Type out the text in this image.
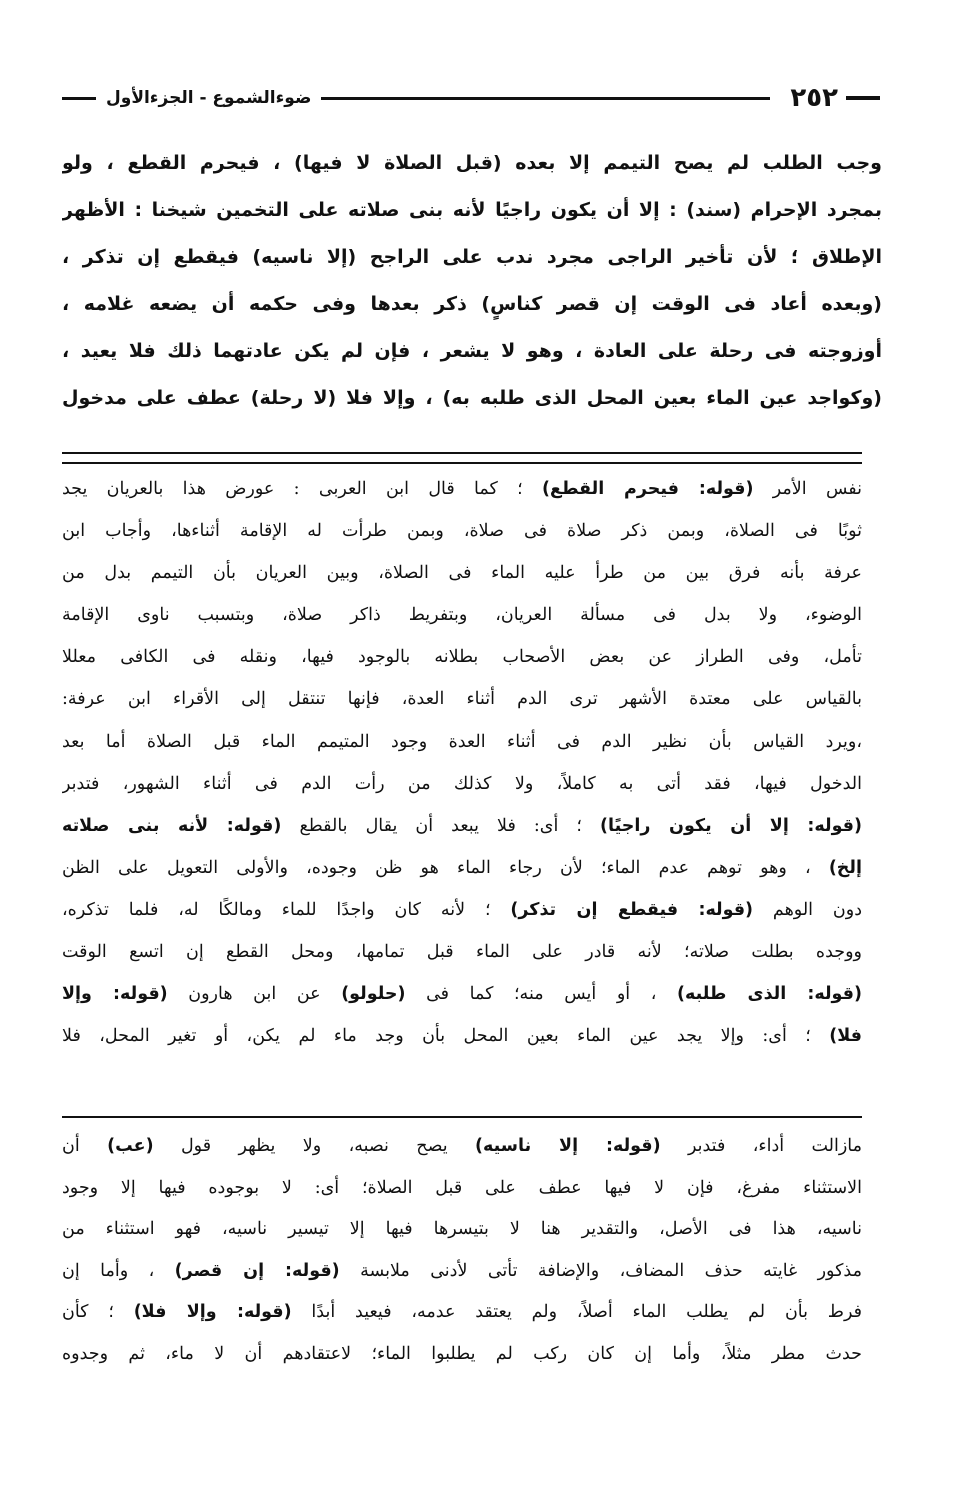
٢٥٢
ضوءالشموع - الجزءالأول
وجب الطلب لم يصح التيمم إلا بعده (قبل الصلاة لا فيها) ، فيحرم القطع ، ولو
بمجرد الإحرام (سند) : إلا أن يكون راجيًا لأنه بنى صلاته على التخمين شيخنا : الأظهر
الإطلاق ؛ لأن تأخير الراجى مجرد ندب على الراجح (إلا ناسيه) فيقطع إن تذكر ،
(وبعده أعاد فى الوقت إن قصر كناسٍ) ذكر بعدها وفى حكمه أن يضعه غلامه ،
أوزوجته فى رحلة على العادة ، وهو لا يشعر ، فإن لم يكن عادتهما ذلك فلا يعيد ،
(وكواجد عين الماء بعين المحل الذى طلبه به) ، وإلا فلا (لا رحلة) عطف على مدخول
نفس الأمر (قوله: فيحرم القطع) ؛ كما قال ابن العربى : عورض هذا بالعريان يجد
ثوبًا فى الصلاة، وبمن ذكر صلاة فى صلاة، وبمن طرأت له الإقامة أثناءها، وأجاب ابن
عرفة بأنه فرق بين من طرأ عليه الماء فى الصلاة، وبين العريان بأن التيمم بدل من
الوضوء، ولا بدل فى مسألة العريان، وبتفريط ذاكر صلاة، وبتسبب ناوى الإقامة
تأمل، وفى الطراز عن بعض الأصحاب بطلانه بالوجود فيها، ونقله فى الكافى معللا
بالقياس على معتدة الأشهر ترى الدم أثناء العدة، فإنها تنتقل إلى الأقراء ابن عرفة:
،ويرد القياس بأن نظير الدم فى أثناء العدة وجود المتيمم الماء قبل الصلاة أما بعد
الدخول فيها، فقد أتى به كاملاً، ولا كذلك من رأت الدم فى أثناء الشهور، فتدبر
(قوله: إلا أن يكون راجيًا) ؛ أى: فلا يبعد أن يقال بالقطع (قوله: لأنه بنى صلاته
إلخ) ، وهو توهم عدم الماء؛ لأن رجاء الماء هو ظن وجوده، والأولى التعويل على الظن
دون الوهم (قوله: فيقطع إن تذكر) ؛ لأنه كان واجدًا للماء ومالكًا له، فلما تذكره،
ووجده بطلت صلاته؛ لأنه قادر على الماء قبل تمامها، ومحل القطع إن اتسع الوقت
(قوله: الذى طلبه) ، أو أيس منه؛ كما فى (حلولو) عن ابن هارون (قوله: وإلا
فلا) ؛ أى: وإلا يجد عين الماء بعين المحل بأن وجد ماء لم يكن، أو تغير المحل، فلا
مازالت أداء، فتدبر (قوله: إلا ناسيه) يصح نصبه، ولا يظهر قول (عب) أن
الاستثناء مفرغ، فإن لا فيها عطف على قبل الصلاة؛ أى: لا بوجوده فيها إلا وجود
ناسيه، هذا فى الأصل، والتقدير هنا لا بتيسرها فيها إلا تيسير ناسيه، فهو استثناء من
مذكور غايته حذف المضاف، والإضافة تأتى لأدنى ملابسة (قوله: إن قصر) ، وأما إن
فرط بأن لم يطلب الماء أصلاً، ولم يعتقد عدمه، فيعيد أبدًا (قوله: وإلا فلا) ؛ كأن
حدث مطر مثلاً، وأما إن كان ركب لم يطلبوا الماء؛ لاعتقادهم أن لا ماء، ثم وجدوه
